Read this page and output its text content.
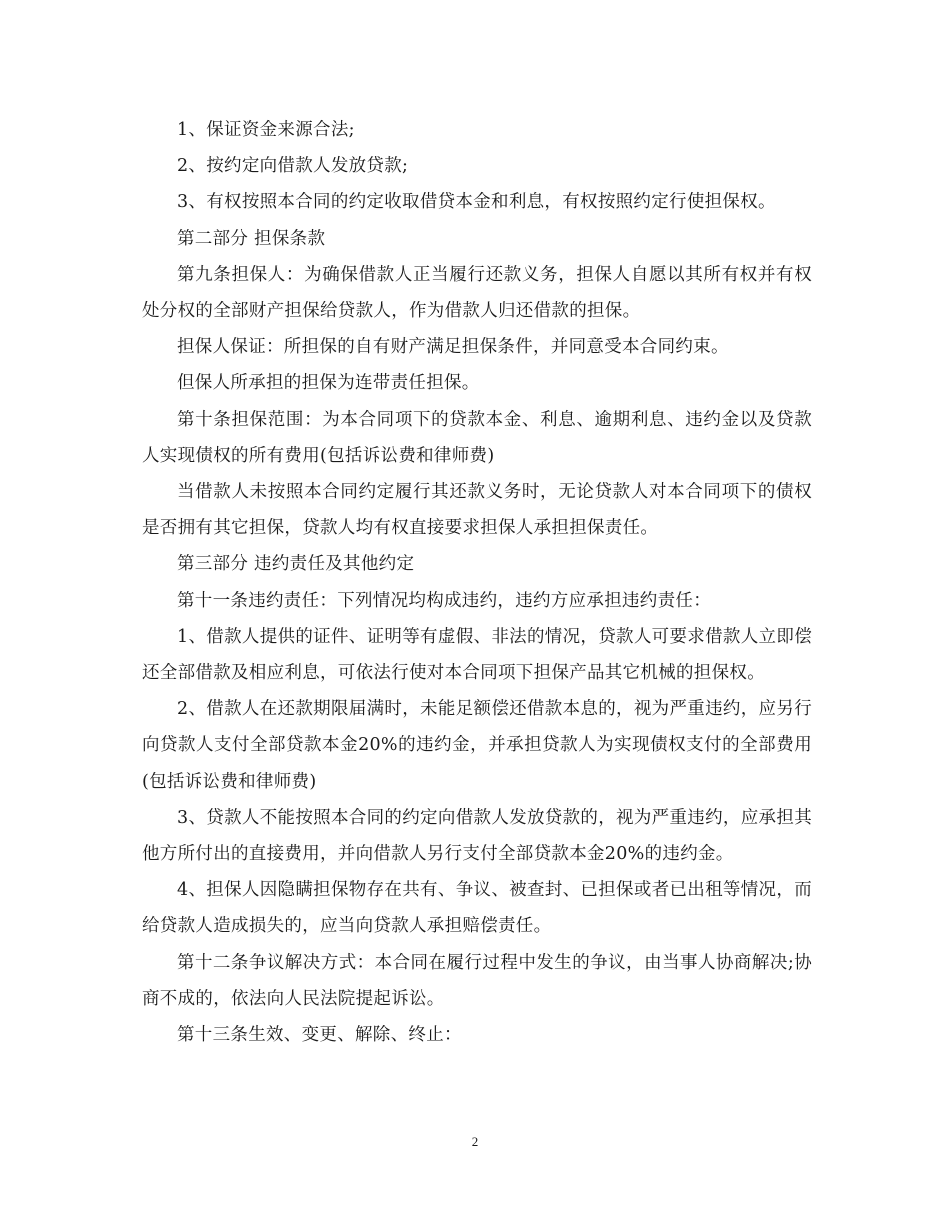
1、保证资金来源合法;

2、按约定向借款人发放贷款;

3、有权按照本合同的约定收取借贷本金和利息，有权按照约定行使担保权。

第二部分 担保条款

第九条担保人：为确保借款人正当履行还款义务，担保人自愿以其所有权并有权处分权的全部财产担保给贷款人，作为借款人归还借款的担保。

担保人保证：所担保的自有财产满足担保条件，并同意受本合同约束。

但保人所承担的担保为连带责任担保。

第十条担保范围：为本合同项下的贷款本金、利息、逾期利息、违约金以及贷款人实现债权的所有费用(包括诉讼费和律师费)

当借款人未按照本合同约定履行其还款义务时，无论贷款人对本合同项下的债权是否拥有其它担保，贷款人均有权直接要求担保人承担担保责任。

第三部分 违约责任及其他约定

第十一条违约责任：下列情况均构成违约，违约方应承担违约责任：

1、借款人提供的证件、证明等有虚假、非法的情况，贷款人可要求借款人立即偿还全部借款及相应利息，可依法行使对本合同项下担保产品其它机械的担保权。

2、借款人在还款期限届满时，未能足额偿还借款本息的，视为严重违约，应另行向贷款人支付全部贷款本金20%的违约金，并承担贷款人为实现债权支付的全部费用(包括诉讼费和律师费)

3、贷款人不能按照本合同的约定向借款人发放贷款的，视为严重违约，应承担其他方所付出的直接费用，并向借款人另行支付全部贷款本金20%的违约金。

4、担保人因隐瞒担保物存在共有、争议、被查封、已担保或者已出租等情况，而给贷款人造成损失的，应当向贷款人承担赔偿责任。

第十二条争议解决方式：本合同在履行过程中发生的争议，由当事人协商解决;协商不成的，依法向人民法院提起诉讼。

第十三条生效、变更、解除、终止：

2
